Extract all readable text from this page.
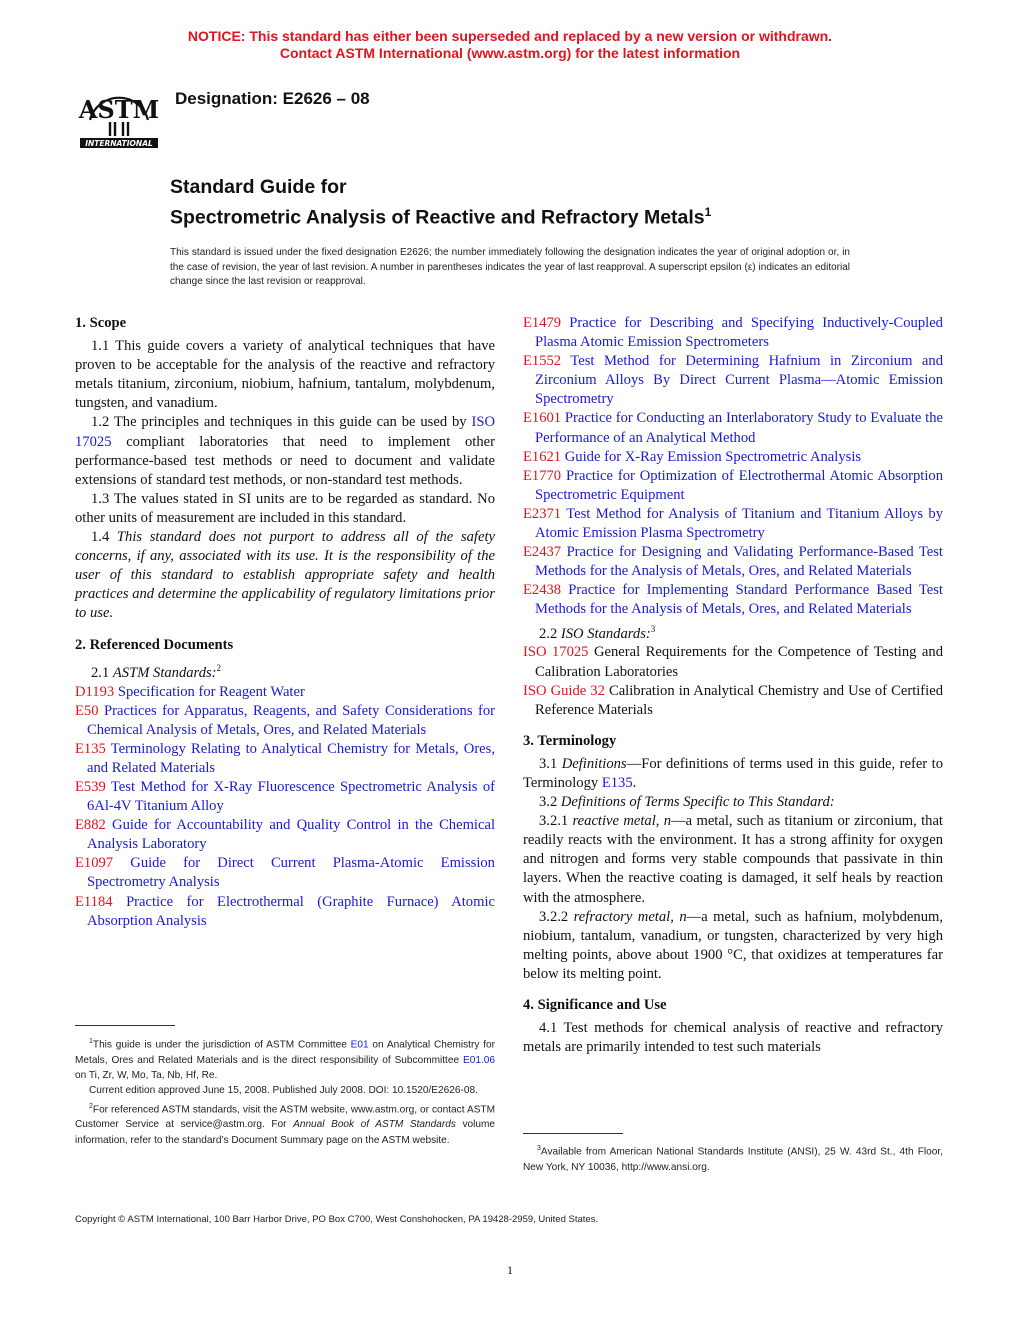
NOTICE: This standard has either been superseded and replaced by a new version or withdrawn.
Contact ASTM International (www.astm.org) for the latest information
ASTM
INTERNATIONAL
Designation: E2626 – 08
Standard Guide for
Spectrometric Analysis of Reactive and Refractory Metals$^1$
This standard is issued under the fixed designation E2626; the number immediately following the designation indicates the year of original adoption or, in the case of revision, the year of last revision. A number in parentheses indicates the year of last reapproval. A superscript epsilon (ε) indicates an editorial change since the last revision or reapproval.

1. Scope

1.1 This guide covers a variety of analytical techniques that have proven to be acceptable for the analysis of the reactive and refractory metals titanium, zirconium, niobium, hafnium, tantalum, molybdenum, tungsten, and vanadium.

1.2 The principles and techniques in this guide can be used by ISO 17025 compliant laboratories that need to implement other performance-based test methods or need to document and validate extensions of standard test methods, or non-standard test methods.

1.3 The values stated in SI units are to be regarded as standard. No other units of measurement are included in this standard.

1.4 This standard does not purport to address all of the safety concerns, if any, associated with its use. It is the responsibility of the user of this standard to establish appropriate safety and health practices and determine the applicability of regulatory limitations prior to use.

2. Referenced Documents

2.1 ASTM Standards:$^2$

D1193 Specification for Reagent Water

E50 Practices for Apparatus, Reagents, and Safety Considerations for Chemical Analysis of Metals, Ores, and Related Materials

E135 Terminology Relating to Analytical Chemistry for Metals, Ores, and Related Materials

E539 Test Method for X-Ray Fluorescence Spectrometric Analysis of 6Al-4V Titanium Alloy

E882 Guide for Accountability and Quality Control in the Chemical Analysis Laboratory

E1097 Guide for Direct Current Plasma-Atomic Emission Spectrometry Analysis

E1184 Practice for Electrothermal (Graphite Furnace) Atomic Absorption Analysis

E1479 Practice for Describing and Specifying Inductively-Coupled Plasma Atomic Emission Spectrometers

E1552 Test Method for Determining Hafnium in Zirconium and Zirconium Alloys By Direct Current Plasma—Atomic Emission Spectrometry

E1601 Practice for Conducting an Interlaboratory Study to Evaluate the Performance of an Analytical Method

E1621 Guide for X-Ray Emission Spectrometric Analysis

E1770 Practice for Optimization of Electrothermal Atomic Absorption Spectrometric Equipment

E2371 Test Method for Analysis of Titanium and Titanium Alloys by Atomic Emission Plasma Spectrometry

E2437 Practice for Designing and Validating Performance-Based Test Methods for the Analysis of Metals, Ores, and Related Materials

E2438 Practice for Implementing Standard Performance Based Test Methods for the Analysis of Metals, Ores, and Related Materials

2.2 ISO Standards:$^3$

ISO 17025 General Requirements for the Competence of Testing and Calibration Laboratories

ISO Guide 32 Calibration in Analytical Chemistry and Use of Certified Reference Materials

3. Terminology

3.1 Definitions—For definitions of terms used in this guide, refer to Terminology E135.

3.2 Definitions of Terms Specific to This Standard:

3.2.1 reactive metal, n—a metal, such as titanium or zirconium, that readily reacts with the environment. It has a strong affinity for oxygen and nitrogen and forms very stable compounds that passivate in thin layers. When the reactive coating is damaged, it self heals by reaction with the atmosphere.

3.2.2 refractory metal, n—a metal, such as hafnium, molybdenum, niobium, tantalum, vanadium, or tungsten, characterized by very high melting points, above about 1900 °C, that oxidizes at temperatures far below its melting point.

4. Significance and Use

4.1 Test methods for chemical analysis of reactive and refractory metals are primarily intended to test such materials

$^1$This guide is under the jurisdiction of ASTM Committee E01 on Analytical Chemistry for Metals, Ores and Related Materials and is the direct responsibility of Subcommittee E01.06 on Ti, Zr, W, Mo, Ta, Nb, Hf, Re.

Current edition approved June 15, 2008. Published July 2008. DOI: 10.1520/E2626-08.

$^2$For referenced ASTM standards, visit the ASTM website, www.astm.org, or contact ASTM Customer Service at service@astm.org. For Annual Book of ASTM Standards volume information, refer to the standard’s Document Summary page on the ASTM website.

$^3$Available from American National Standards Institute (ANSI), 25 W. 43rd St., 4th Floor, New York, NY 10036, http://www.ansi.org.

Copyright © ASTM International, 100 Barr Harbor Drive, PO Box C700, West Conshohocken, PA 19428-2959, United States.
1
